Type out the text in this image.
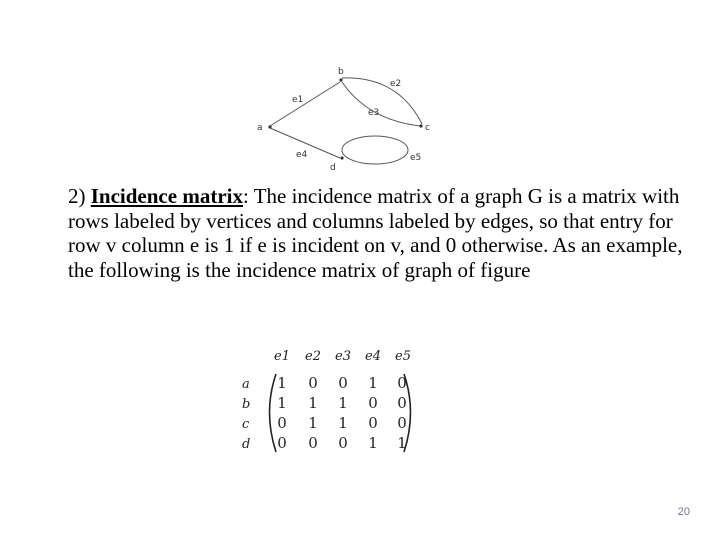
a
b
c
d
e1
e2
e3
e4	e5

2) Incidence matrix: The incidence matrix of a graph G is a matrix with rows labeled by vertices and columns labeled by edges, so that entry for row v column e is 1 if e is incident on v, and 0 otherwise. As an example, the following is the incidence matrix of graph of figure

e1 e2 e3 e4 e5
a
b
c
d
1 0 0 1 0
1 1 1 0 0
0 1 1 0 0
0 0 0 1 1
20
